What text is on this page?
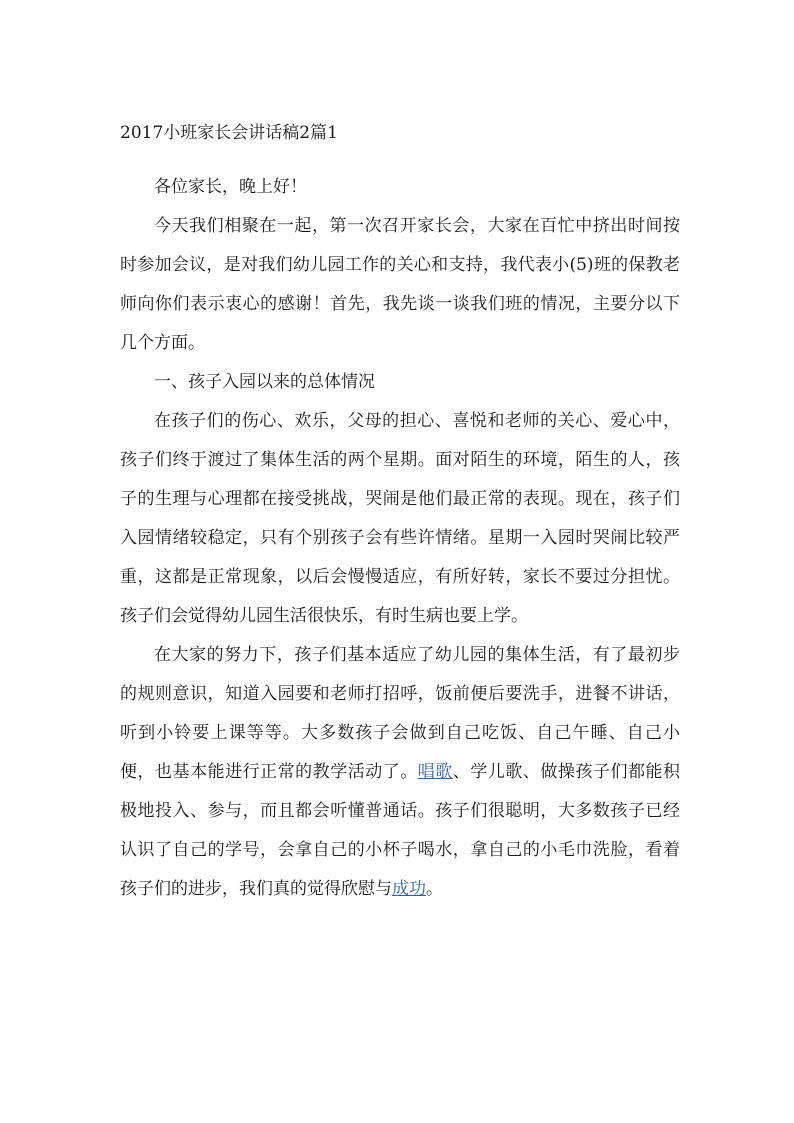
2017小班家长会讲话稿2篇1

各位家长，晚上好！

今天我们相聚在一起，第一次召开家长会，大家在百忙中挤出时间按时参加会议，是对我们幼儿园工作的关心和支持，我代表小(5)班的保教老师向你们表示衷心的感谢！首先，我先谈一谈我们班的情况，主要分以下几个方面。

一、孩子入园以来的总体情况

在孩子们的伤心、欢乐，父母的担心、喜悦和老师的关心、爱心中，孩子们终于渡过了集体生活的两个星期。面对陌生的环境，陌生的人，孩子的生理与心理都在接受挑战，哭闹是他们最正常的表现。现在，孩子们入园情绪较稳定，只有个别孩子会有些许情绪。星期一入园时哭闹比较严重，这都是正常现象，以后会慢慢适应，有所好转，家长不要过分担忧。孩子们会觉得幼儿园生活很快乐，有时生病也要上学。

在大家的努力下，孩子们基本适应了幼儿园的集体生活，有了最初步的规则意识，知道入园要和老师打招呼，饭前便后要洗手，进餐不讲话，听到小铃要上课等等。大多数孩子会做到自己吃饭、自己午睡、自己小便，也基本能进行正常的教学活动了。唱歌、学儿歌、做操孩子们都能积极地投入、参与，而且都会听懂普通话。孩子们很聪明，大多数孩子已经认识了自己的学号，会拿自己的小杯子喝水，拿自己的小毛巾洗脸，看着孩子们的进步，我们真的觉得欣慰与成功。
